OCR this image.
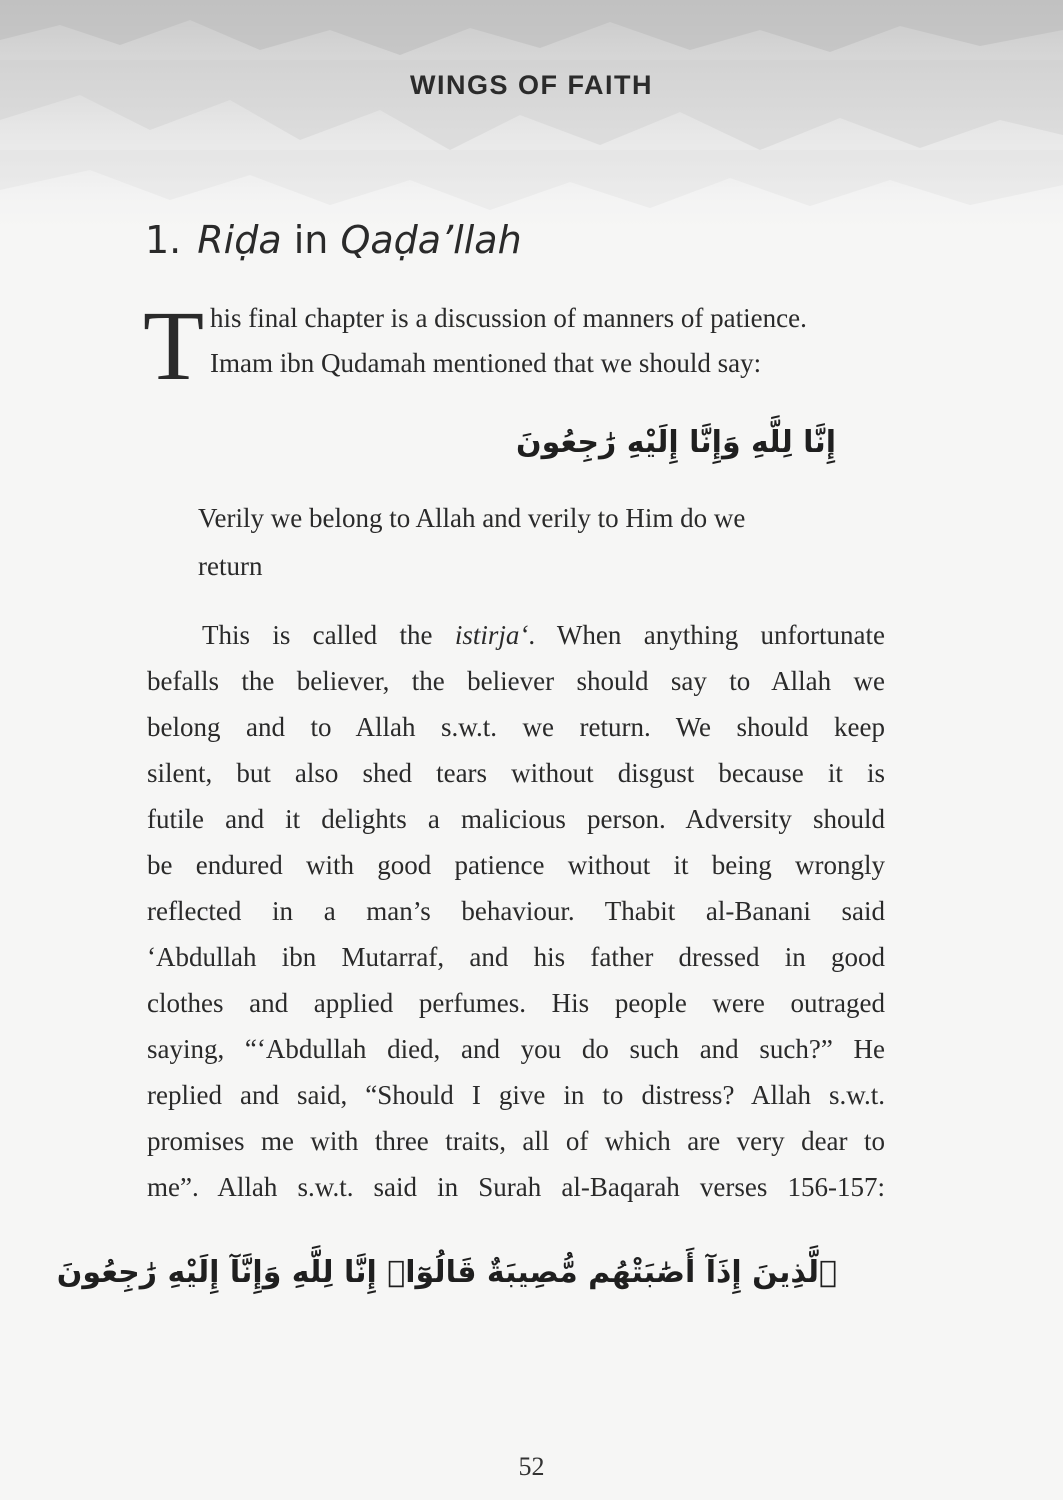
WINGS OF FAITH
1. Riḍa in Qaḍa’llah
T his final chapter is a discussion of manners of patience.
Imam ibn Qudamah mentioned that we should say:
إِنَّا لِلَّهِ وَإِنَّا إِلَيْهِ رَٰجِعُونَ
Verily we belong to Allah and verily to Him do we
return
This is called the istirja‘. When anything unfortunate
befalls the believer, the believer should say to Allah we
belong and to Allah s.w.t. we return. We should keep
silent, but also shed tears without disgust because it is
futile and it delights a malicious person. Adversity should
be endured with good patience without it being wrongly
reflected in a man’s behaviour. Thabit al-Banani said
‘Abdullah ibn Mutarraf, and his father dressed in good
clothes and applied perfumes. His people were outraged
saying, “‘Abdullah died, and you do such and such?” He
replied and said, “Should I give in to distress? Allah s.w.t.
promises me with three traits, all of which are very dear to
me”. Allah s.w.t. said in Surah al-Baqarah verses 156-157:
ٱلَّذِينَ إِذَآ أَصَٰبَتْهُم مُّصِيبَةٌ قَالُوٓا۟ إِنَّا لِلَّهِ وَإِنَّآ إِلَيْهِ رَٰجِعُونَ
52
